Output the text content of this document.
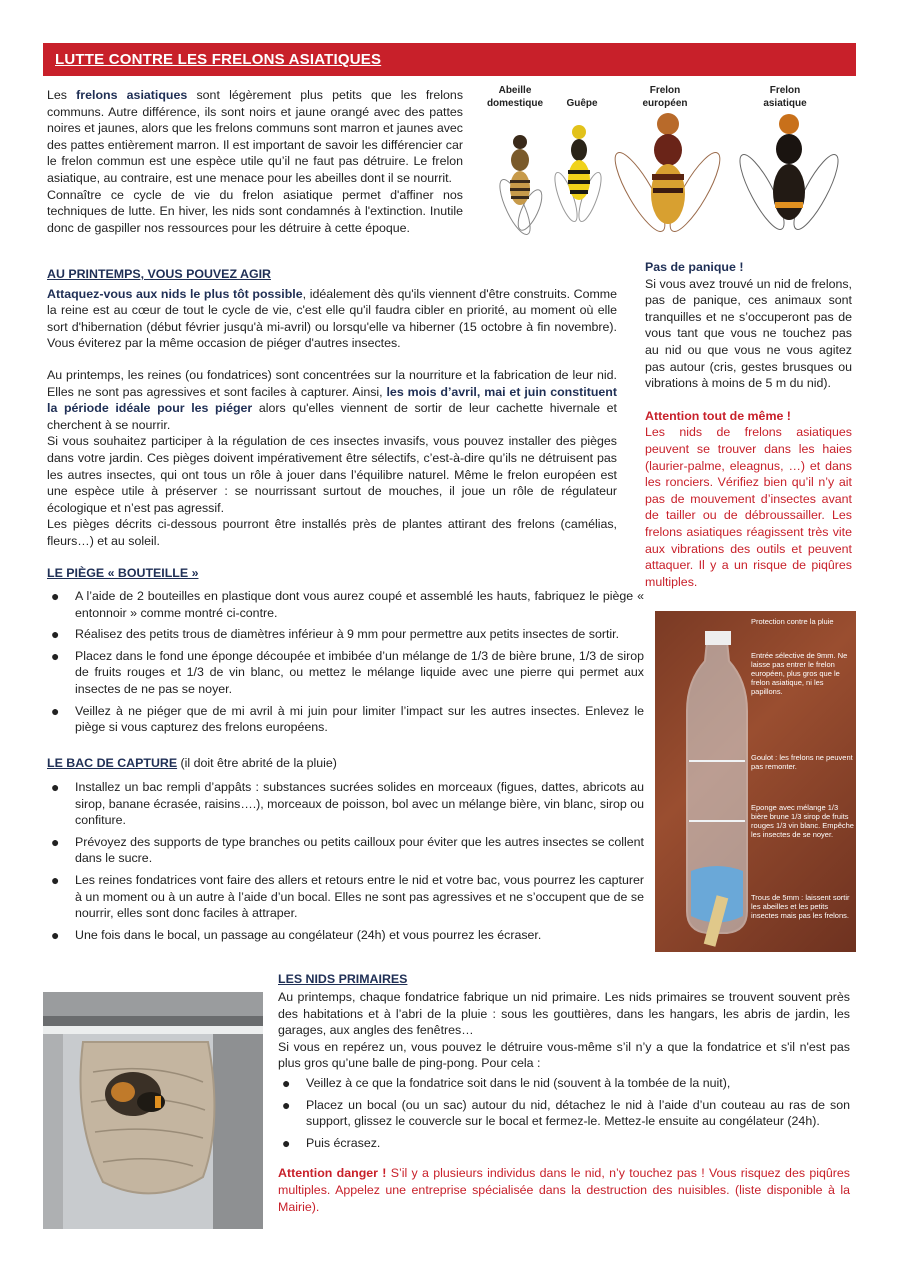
LUTTE CONTRE LES FRELONS ASIATIQUES

Les frelons asiatiques sont légèrement plus petits que les frelons communs. Autre différence, ils sont noirs et jaune orangé avec des pattes noires et jaunes, alors que les frelons communs sont marron et jaunes avec des pattes entièrement marron. Il est important de savoir les différencier car le frelon commun est une espèce utile qu’il ne faut pas détruire. Le frelon asiatique, au contraire, est une menace pour les abeilles dont il se nourrit.

Connaître ce cycle de vie du frelon asiatique permet d'affiner nos techniques de lutte. En hiver, les nids sont condamnés à l'extinction. Inutile donc de gaspiller nos ressources pour les détruire à cette époque.

Abeille domestique	Guêpe
Frelon européen
Frelon asiatique
AU PRINTEMPS, VOUS POUVEZ AGIR

Attaquez-vous aux nids le plus tôt possible, idéalement dès qu'ils viennent d'être construits. Comme la reine est au cœur de tout le cycle de vie, c'est elle qu'il faudra cibler en priorité, au moment où elle sort d'hibernation (début février jusqu'à mi-avril) ou lorsqu'elle va hiberner (15 octobre à fin novembre). Vous éviterez par la même occasion de piéger d'autres insectes.

Au printemps, les reines (ou fondatrices) sont concentrées sur la nourriture et la fabrication de leur nid. Elles ne sont pas agressives et sont faciles à capturer. Ainsi, les mois d’avril, mai et juin constituent la période idéale pour les piéger alors qu'elles viennent de sortir de leur cachette hivernale et cherchent à se nourrir.

Si vous souhaitez participer à la régulation de ces insectes invasifs, vous pouvez installer des pièges dans votre jardin. Ces pièges doivent impérativement être sélectifs, c’est-à-dire qu’ils ne détruisent pas les autres insectes, qui ont tous un rôle à jouer dans l’équilibre naturel. Même le frelon européen est une espèce utile à préserver : se nourrissant surtout de mouches, il joue un rôle de régulateur écologique et n’est pas agressif.

Les pièges décrits ci-dessous pourront être installés près de plantes attirant des frelons (camélias, fleurs…) et au soleil.

Pas de panique !

Si vous avez trouvé un nid de frelons, pas de panique, ces animaux sont tranquilles et ne s’occuperont pas de vous tant que vous ne touchez pas au nid ou que vous ne vous agitez pas autour (cris, gestes brusques ou vibrations à moins de 5 m du nid).

Attention tout de même !

Les nids de frelons asiatiques peuvent se trouver dans les haies (laurier-palme, eleagnus, …) et dans les ronciers. Vérifiez bien qu’il n’y ait pas de mouvement d’insectes avant de tailler ou de débroussailler. Les frelons asiatiques réagissent très vite aux vibrations des outils et peuvent attaquer. Il y a un risque de piqûres multiples.

LE PIÈGE « BOUTEILLE »
● A l’aide de 2 bouteilles en plastique dont vous aurez coupé et assemblé les hauts, fabriquez le piège « entonnoir » comme montré ci-contre.
● Réalisez des petits trous de diamètres inférieur à 9 mm pour permettre aux petits insectes de sortir.
● Placez dans le fond une éponge découpée et imbibée d’un mélange de 1/3 de bière brune, 1/3 de sirop de fruits rouges et 1/3 de vin blanc, ou mettez le mélange liquide avec une pierre qui permet aux insectes de ne pas se noyer.
● Veillez à ne piéger que de mi avril à mi juin pour limiter l’impact sur les autres insectes. Enlevez le piège si vous capturez des frelons européens.
LE BAC DE CAPTURE (il doit être abrité de la pluie)
● Installez un bac rempli d’appâts : substances sucrées solides en morceaux (figues, dattes, abricots au sirop, banane écrasée, raisins….), morceaux de poisson, bol avec un mélange bière, vin blanc, sirop ou confiture.
● Prévoyez des supports de type branches ou petits cailloux pour éviter que les autres insectes se collent dans le sucre.
● Les reines fondatrices vont faire des allers et retours entre le nid et votre bac, vous pourrez les capturer à un moment ou à un autre à l’aide d’un bocal. Elles ne sont pas agressives et ne s’occupent que de se nourrir, elles sont donc faciles à attraper.
● Une fois dans le bocal, un passage au congélateur (24h) et vous pourrez les écraser.
Protection contre la pluie
Entrée sélective de 9mm. Ne laisse pas entrer le frelon européen, plus gros que le frelon asiatique, ni les papillons.
Goulot : les frelons ne peuvent pas remonter.
Eponge avec mélange 1/3 bière brune 1/3 sirop de fruits rouges 1/3 vin blanc. Empêche les insectes de se noyer.
Trous de 5mm : laissent sortir les abeilles et les petits insectes mais pas les frelons.
LES NIDS PRIMAIRES

Au printemps, chaque fondatrice fabrique un nid primaire. Les nids primaires se trouvent souvent près des habitations et à l’abri de la pluie : sous les gouttières, dans les hangars, les abris de jardin, les garages, aux angles des fenêtres…

Si vous en repérez un, vous pouvez le détruire vous-même s’il n’y a que la fondatrice et s'il n'est pas plus gros qu’une balle de ping-pong. Pour cela :

● Veillez à ce que la fondatrice soit dans le nid (souvent à la tombée de la nuit),
● Placez un bocal (ou un sac) autour du nid, détachez le nid à l’aide d’un couteau au ras de son support, glissez le couvercle sur le bocal et fermez-le. Mettez-le ensuite au congélateur (24h).
● Puis écrasez.

Attention danger ! S’il y a plusieurs individus dans le nid, n’y touchez pas ! Vous risquez des piqûres multiples. Appelez une entreprise spécialisée dans la destruction des nuisibles. (liste disponible à la Mairie).
